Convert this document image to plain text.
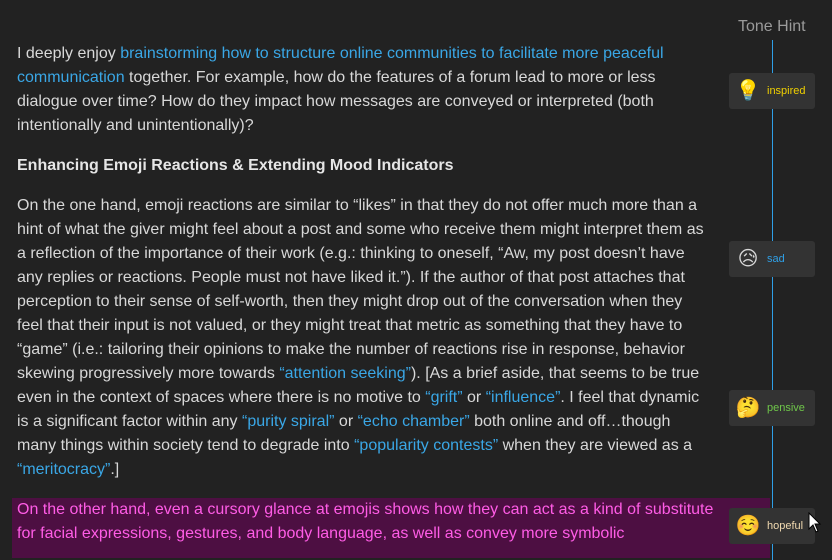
I deeply enjoy brainstorming how to structure online communities to facilitate more peaceful communication together. For example, how do the features of a forum lead to more or less dialogue over time? How do they impact how messages are conveyed or interpreted (both intentionally and unintentionally)?

Enhancing Emoji Reactions & Extending Mood Indicators

On the one hand, emoji reactions are similar to “likes” in that they do not offer much more than a hint of what the giver might feel about a post and some who receive them might interpret them as a reflection of the importance of their work (e.g.: thinking to oneself, “Aw, my post doesn’t have any replies or reactions. People must not have liked it.”). If the author of that post attaches that perception to their sense of self-worth, then they might drop out of the conversation when they feel that their input is not valued, or they might treat that metric as something that they have to “game” (i.e.: tailoring their opinions to make the number of reactions rise in response, behavior skewing progressively more towards “attention seeking”). [As a brief aside, that seems to be true even in the context of spaces where there is no motive to “grift” or “influence”. I feel that dynamic is a significant factor within any “purity spiral” or “echo chamber” both online and off…though many things within society tend to degrade into “popularity contests” when they are viewed as a “meritocracy”.]

On the other hand, even a cursory glance at emojis shows how they can act as a kind of substitute for facial expressions, gestures, and body language, as well as convey more symbolic
Tone Hint
💡 inspired
😥 sad
🤔 pensive
☺️ hopeful
